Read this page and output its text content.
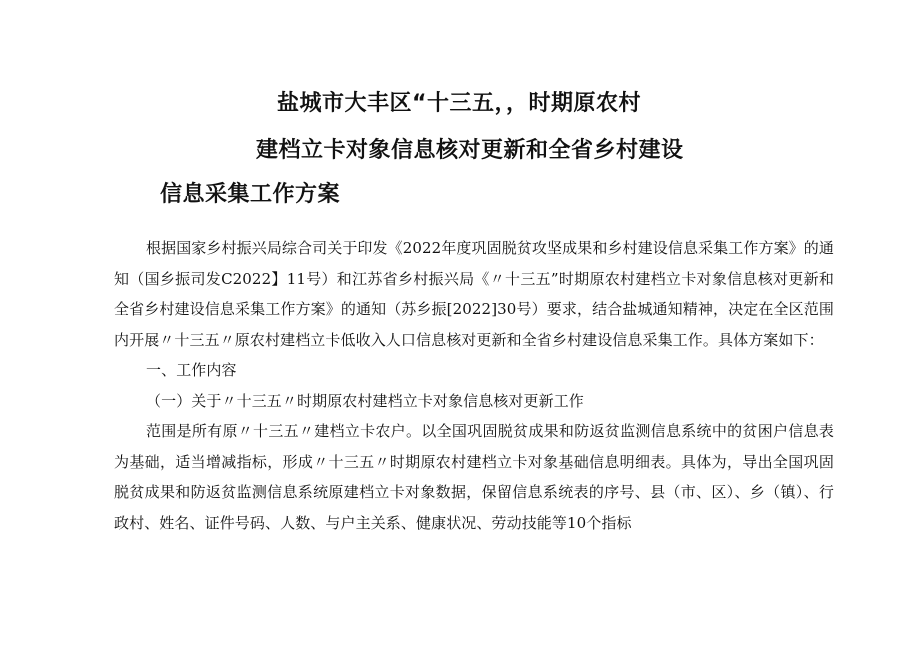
盐城市大丰区“十三五，，时期原农村
建档立卡对象信息核对更新和全省乡村建设
信息采集工作方案

根据国家乡村振兴局综合司关于印发《2022年度巩固脱贫攻坚成果和乡村建设信息采集工作方案》的通知（国乡振司发C2022】11号）和江苏省乡村振兴局《〃十三五”时期原农村建档立卡对象信息核对更新和全省乡村建设信息采集工作方案》的通知（苏乡振[2022]30号）要求，结合盐城通知精神，决定在全区范围内开展〃十三五〃原农村建档立卡低收入人口信息核对更新和全省乡村建设信息采集工作。具体方案如下：

一、工作内容

（一）关于〃十三五〃时期原农村建档立卡对象信息核对更新工作

范围是所有原〃十三五〃建档立卡农户。以全国巩固脱贫成果和防返贫监测信息系统中的贫困户信息表为基础，适当增减指标，形成〃十三五〃时期原农村建档立卡对象基础信息明细表。具体为，导出全国巩固脱贫成果和防返贫监测信息系统原建档立卡对象数据，保留信息系统表的序号、县（市、区）、乡（镇）、行政村、姓名、证件号码、人数、与户主关系、健康状况、劳动技能等10个指标
